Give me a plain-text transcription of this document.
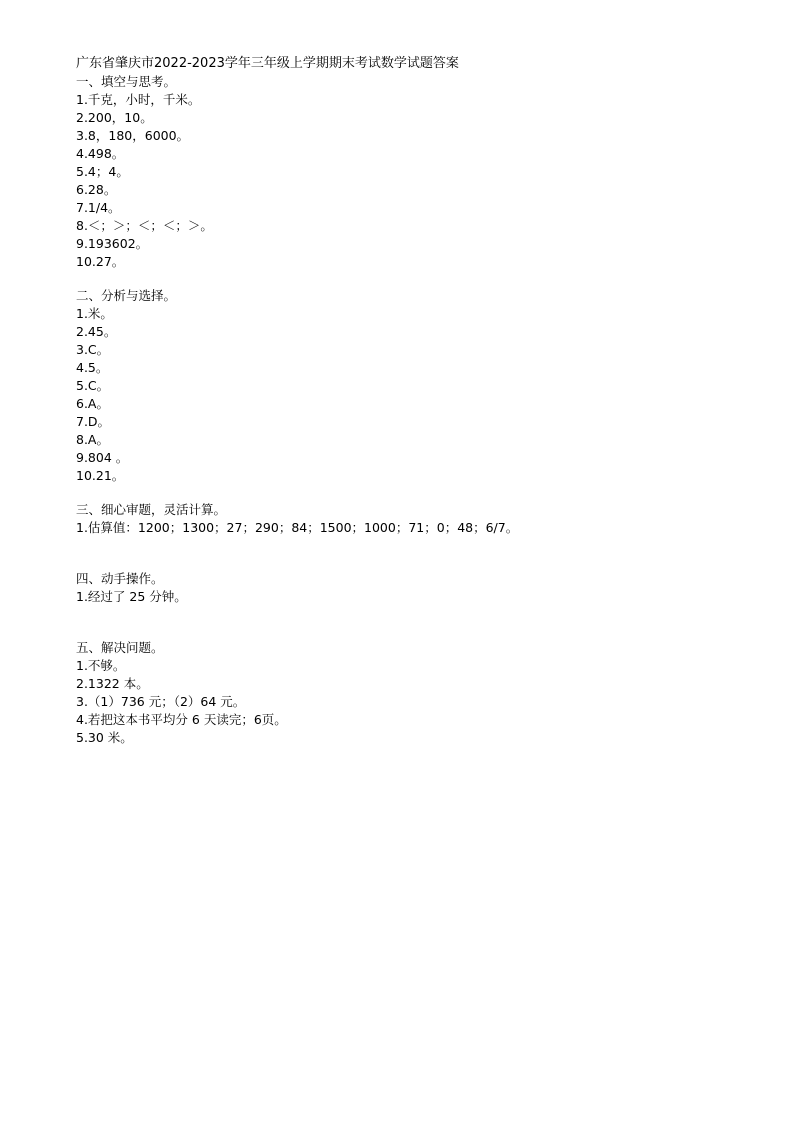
广东省肇庆市2022-2023学年三年级上学期期末考试数学试题答案
一、填空与思考。
1.千克，小时，千米。
2.200，10。
3.8，180，6000。
4.498。
5.4；4。
6.28。
7.1/4。
8.＜；＞；＜；＜；＞。
9.193602。
10.27。
二、分析与选择。
1.米。
2.45。
3.C。
4.5。
5.C。
6.A。
7.D。
8.A。
9.804 。
10.21。
三、细心审题，灵活计算。
1.估算值：1200；1300；27；290；84；1500；1000；71；0；48；6/7。
四、动手操作。
1.经过了 25 分钟。
五、解决问题。
1.不够。
2.1322 本。
3.（1）736 元；（2）64 元。
4.若把这本书平均分 6 天读完；6页。
5.30 米。
